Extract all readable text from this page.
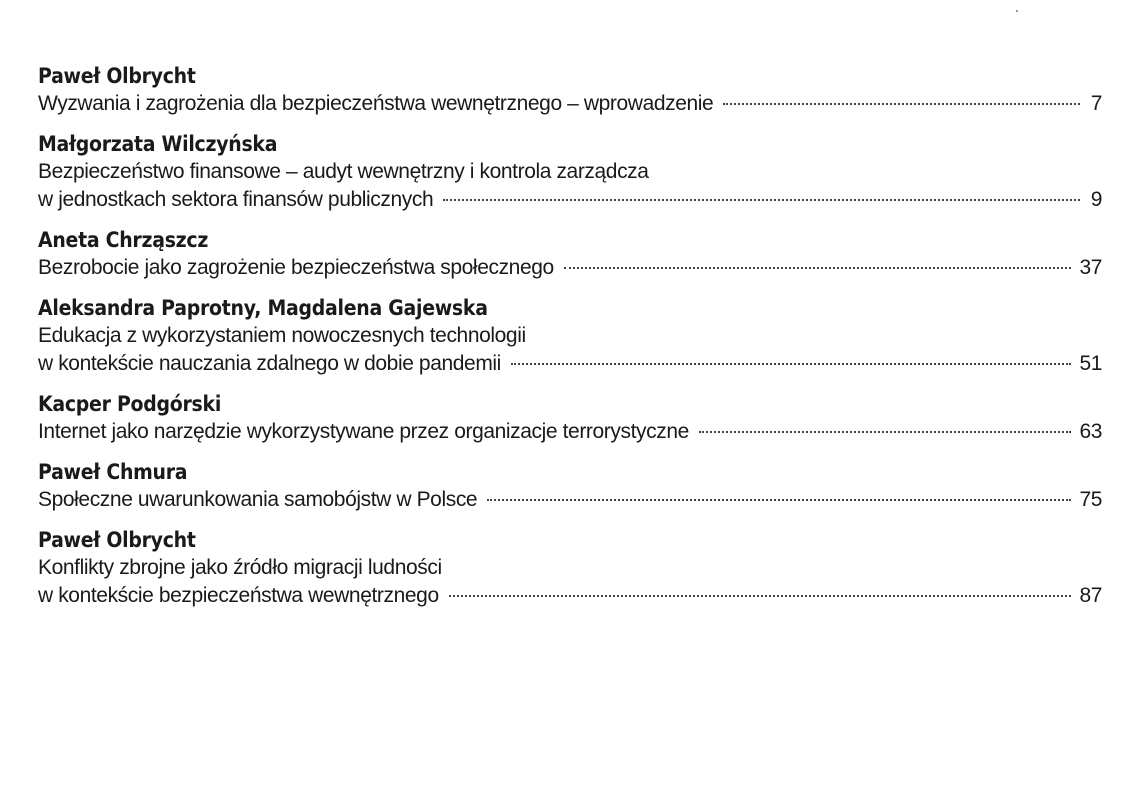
Paweł Olbrycht
Wyzwania i zagrożenia dla bezpieczeństwa wewnętrznego – wprowadzenie	7
Małgorzata Wilczyńska
Bezpieczeństwo finansowe – audyt wewnętrzny i kontrola zarządcza
w jednostkach sektora finansów publicznych	9
Aneta Chrząszcz
Bezrobocie jako zagrożenie bezpieczeństwa społecznego	37
Aleksandra Paprotny, Magdalena Gajewska
Edukacja z wykorzystaniem nowoczesnych technologii
w kontekście nauczania zdalnego w dobie pandemii	51
Kacper Podgórski
Internet jako narzędzie wykorzystywane przez organizacje terrorystyczne	63
Paweł Chmura
Społeczne uwarunkowania samobójstw w Polsce	75
Paweł Olbrycht
Konflikty zbrojne jako źródło migracji ludności
w kontekście bezpieczeństwa wewnętrznego	87
